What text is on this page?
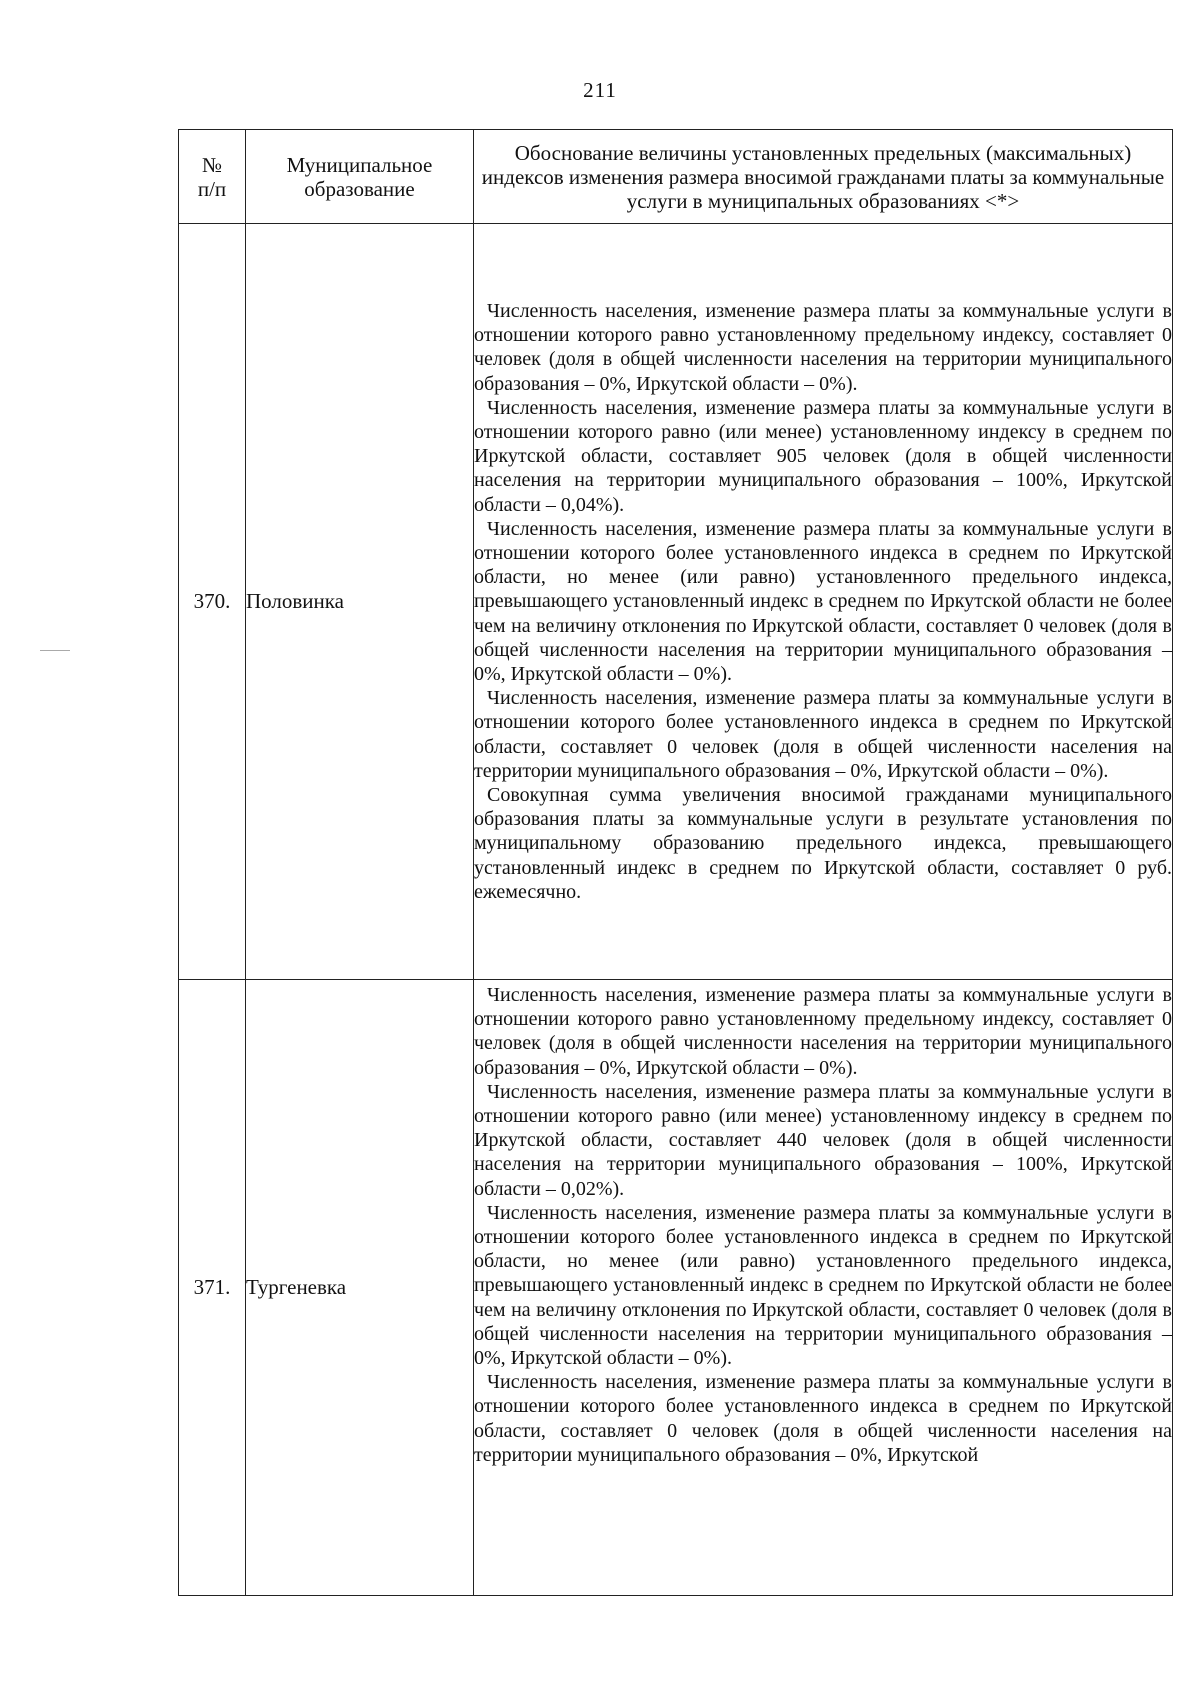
211
№
п/п	Муниципальное образование	Обоснование величины установленных предельных (максимальных) индексов изменения размера вносимой гражданами платы за коммунальные услуги в муниципальных образованиях <*>

370.	Половинка	Численность населения, изменение размера платы за коммунальные услуги в отношении которого равно установленному предельному индексу, составляет 0 человек (доля в общей численности населения на территории муниципального образования – 0%, Иркутской области – 0%).

Численность населения, изменение размера платы за коммунальные услуги в отношении которого равно (или менее) установленному индексу в среднем по Иркутской области, составляет 905 человек (доля в общей численности населения на территории муниципального образования – 100%, Иркутской области – 0,04%).

Численность населения, изменение размера платы за коммунальные услуги в отношении которого более установленного индекса в среднем по Иркутской области, но менее (или равно) установленного предельного индекса, превышающего установленный индекс в среднем по Иркутской области не более чем на величину отклонения по Иркутской области, составляет 0 человек (доля в общей численности населения на территории муниципального образования – 0%, Иркутской области – 0%).

Численность населения, изменение размера платы за коммунальные услуги в отношении которого более установленного индекса в среднем по Иркутской области, составляет 0 человек (доля в общей численности населения на территории муниципального образования – 0%, Иркутской области – 0%).

Совокупная сумма увеличения вносимой гражданами муниципального образования платы за коммунальные услуги в результате установления по муниципальному образованию предельного индекса, превышающего установленный индекс в среднем по Иркутской области, составляет 0 руб. ежемесячно.

371.	Тургеневка	Численность населения, изменение размера платы за коммунальные услуги в отношении которого равно установленному предельному индексу, составляет 0 человек (доля в общей численности населения на территории муниципального образования – 0%, Иркутской области – 0%).

Численность населения, изменение размера платы за коммунальные услуги в отношении которого равно (или менее) установленному индексу в среднем по Иркутской области, составляет 440 человек (доля в общей численности населения на территории муниципального образования – 100%, Иркутской области – 0,02%).

Численность населения, изменение размера платы за коммунальные услуги в отношении которого более установленного индекса в среднем по Иркутской области, но менее (или равно) установленного предельного индекса, превышающего установленный индекс в среднем по Иркутской области не более чем на величину отклонения по Иркутской области, составляет 0 человек (доля в общей численности населения на территории муниципального образования – 0%, Иркутской области – 0%).

Численность населения, изменение размера платы за коммунальные услуги в отношении которого более установленного индекса в среднем по Иркутской области, составляет 0 человек (доля в общей численности населения на территории муниципального образования – 0%, Иркутской
